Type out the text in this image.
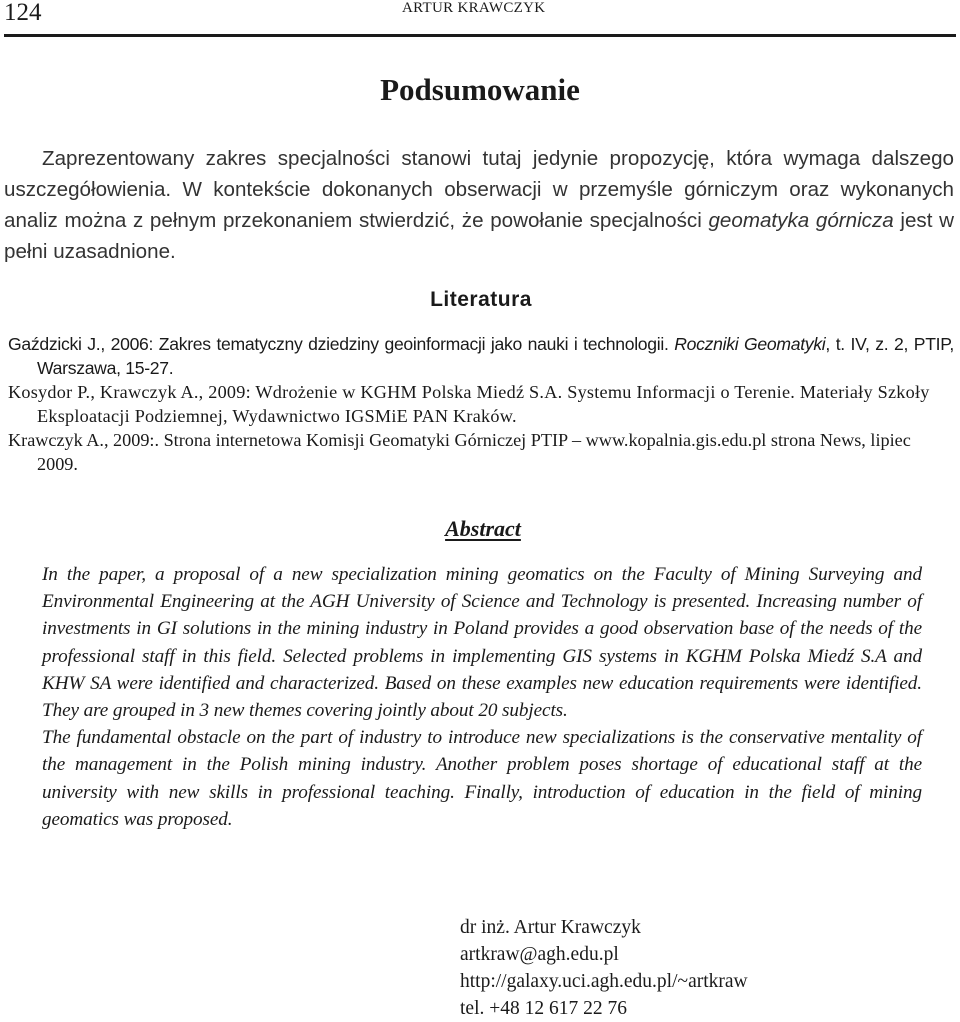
124	ARTUR KRAWCZYK
Podsumowanie

Zaprezentowany zakres specjalności stanowi tutaj jedynie propozycję, która wymaga dalszego uszczegółowienia. W kontekście dokonanych obserwacji w przemyśle górniczym oraz wykonanych analiz można z pełnym przekonaniem stwierdzić, że powołanie specjalności geomatyka górnicza jest w pełni uzasadnione.

Literatura

Gaździcki J., 2006: Zakres tematyczny dziedziny geoinformacji jako nauki i technologii. Roczniki Geomatyki, t. IV, z. 2, PTIP, Warszawa, 15-27.

Kosydor P., Krawczyk A., 2009: Wdrożenie w KGHM Polska Miedź S.A. Systemu Informacji o Terenie. Materiały Szkoły Eksploatacji Podziemnej, Wydawnictwo IGSMiE PAN Kraków.

Krawczyk A., 2009:. Strona internetowa Komisji Geomatyki Górniczej PTIP – www.kopalnia.gis.edu.pl strona News, lipiec 2009.

Abstract

In the paper, a proposal of a new specialization mining geomatics on the Faculty of Mining Surveying and Environmental Engineering at the AGH University of Science and Technology is presented. Increasing number of investments in GI solutions in the mining industry in Poland provides a good observation base of the needs of the professional staff in this field. Selected problems in implementing GIS systems in KGHM Polska Miedź S.A and KHW SA were identified and characterized. Based on these examples new education requirements were identified. They are grouped in 3 new themes covering jointly about 20 subjects.

The fundamental obstacle on the part of industry to introduce new specializations is the conservative mentality of the management in the Polish mining industry. Another problem poses shortage of educational staff at the university with new skills in professional teaching. Finally, introduction of education in the field of mining geomatics was proposed.

dr inż. Artur Krawczyk
artkraw@agh.edu.pl
http://galaxy.uci.agh.edu.pl/~artkraw
tel. +48 12 617 22 76
